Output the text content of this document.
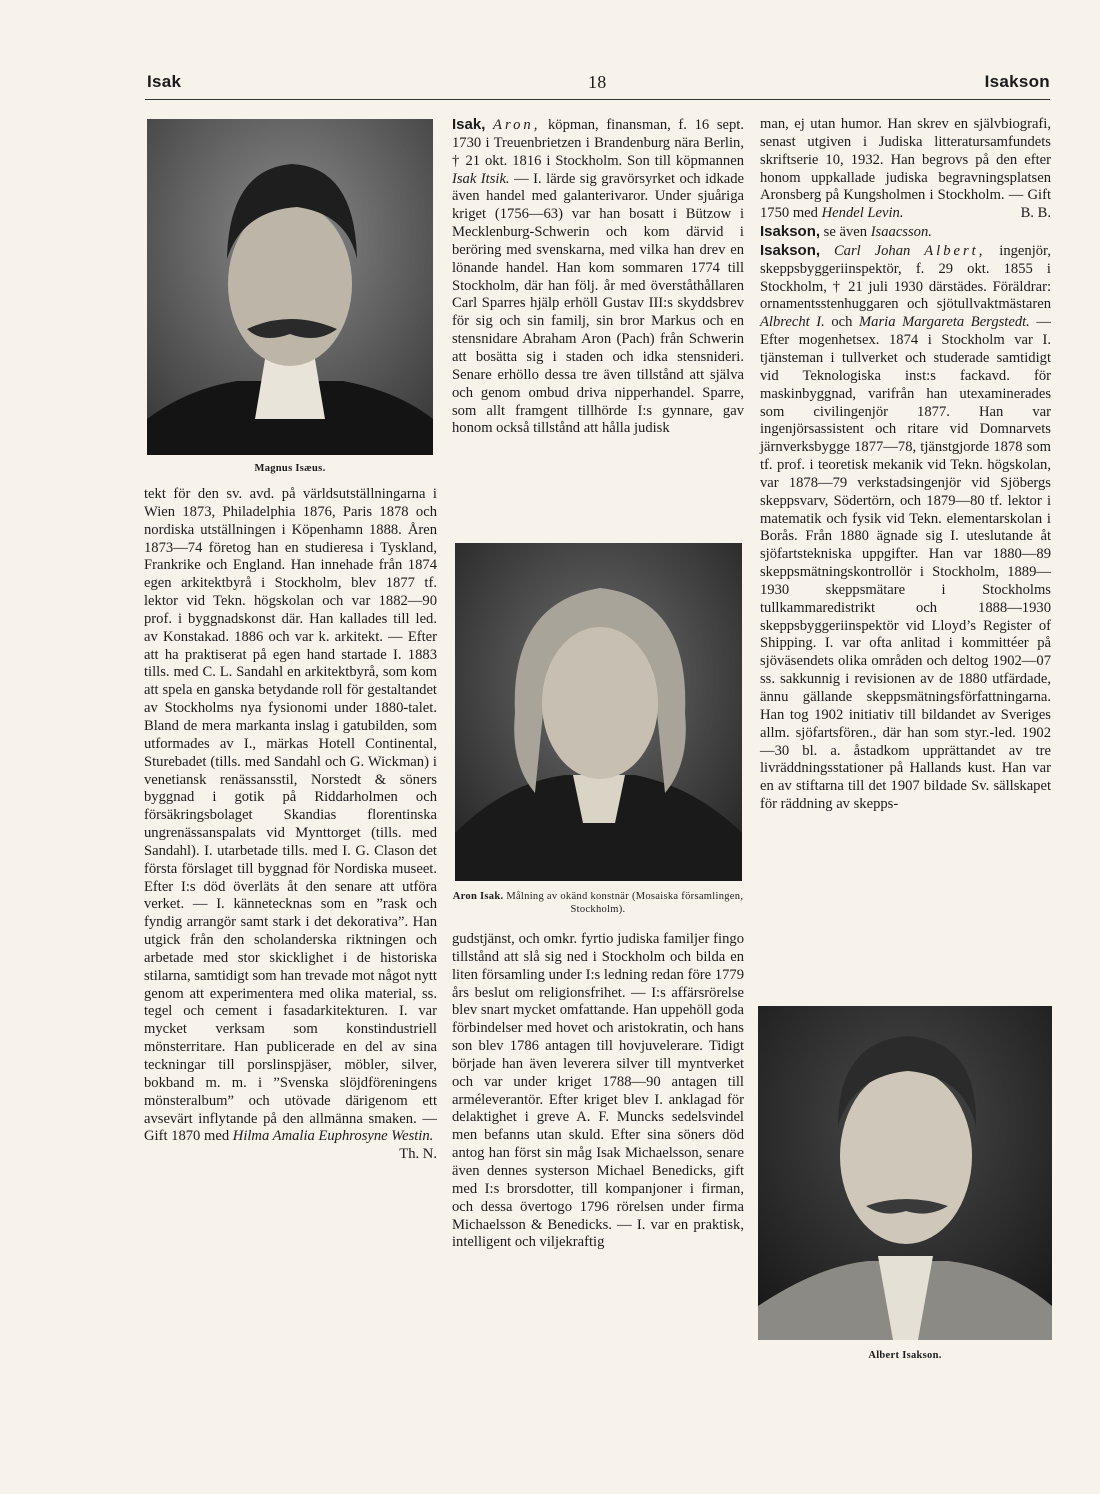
Isak	18	Isakson
Magnus Isæus.

tekt för den sv. avd. på världsutställningarna i Wien 1873, Philadelphia 1876, Paris 1878 och nordiska utställningen i Köpenhamn 1888. Åren 1873—74 företog han en studieresa i Tyskland, Frankrike och England. Han innehade från 1874 egen arkitektbyrå i Stockholm, blev 1877 tf. lektor vid Tekn. högskolan och var 1882—90 prof. i byggnadskonst där. Han kallades till led. av Konstakad. 1886 och var k. arkitekt. — Efter att ha praktiserat på egen hand startade I. 1883 tills. med C. L. Sandahl en arkitektbyrå, som kom att spela en ganska betydande roll för gestaltandet av Stockholms nya fysionomi under 1880-talet. Bland de mera markanta inslag i gatubilden, som utformades av I., märkas Hotell Continental, Sturebadet (tills. med Sandahl och G. Wickman) i venetiansk renässansstil, Norstedt & söners byggnad i gotik på Riddarholmen och försäkringsbolaget Skandias florentinska ungrenässanspalats vid Mynttorget (tills. med Sandahl). I. utarbetade tills. med I. G. Clason det första förslaget till byggnad för Nordiska museet. Efter I:s död överläts åt den senare att utföra verket. — I. kännetecknas som en ”rask och fyndig arrangör samt stark i det dekorativa”. Han utgick från den scholanderska riktningen och arbetade med stor skicklighet i de historiska stilarna, samtidigt som han trevade mot något nytt genom att experimentera med olika material, ss. tegel och cement i fasadarkitekturen. I. var mycket verksam som konstindustriell mönsterritare. Han publicerade en del av sina teckningar till porslinspjäser, möbler, silver, bokband m. m. i ”Svenska slöjdföreningens mönsteralbum” och utövade därigenom ett avsevärt inflytande på den allmänna smaken. — Gift 1870 med Hilma Amalia Euphrosyne Westin.
Th. N.

Isak, Aron, köpman, finansman, f. 16 sept. 1730 i Treuenbrietzen i Brandenburg nära Berlin, † 21 okt. 1816 i Stockholm. Son till köpmannen Isak Itsik. — I. lärde sig gravörsyrket och idkade även handel med galanterivaror. Under sjuåriga kriget (1756—63) var han bosatt i Bützow i Mecklenburg-Schwerin och kom därvid i beröring med svenskarna, med vilka han drev en lönande handel. Han kom sommaren 1774 till Stockholm, där han följ. år med överståthållaren Carl Sparres hjälp erhöll Gustav III:s skyddsbrev för sig och sin familj, sin bror Markus och en stensnidare Abraham Aron (Pach) från Schwerin att bosätta sig i staden och idka stensnideri. Senare erhöllo dessa tre även tillstånd att själva och genom ombud driva nipperhandel. Sparre, som allt framgent tillhörde I:s gynnare, gav honom också tillstånd att hålla judisk

Aron Isak. Målning av okänd konstnär (Mosaiska församlingen, Stockholm).

gudstjänst, och omkr. fyrtio judiska familjer fingo tillstånd att slå sig ned i Stockholm och bilda en liten församling under I:s ledning redan före 1779 års beslut om religionsfrihet. — I:s affärsrörelse blev snart mycket omfattande. Han uppehöll goda förbindelser med hovet och aristokratin, och hans son blev 1786 antagen till hovjuvelerare. Tidigt började han även leverera silver till myntverket och var under kriget 1788—90 antagen till arméleverantör. Efter kriget blev I. anklagad för delaktighet i greve A. F. Muncks sedelsvindel men befanns utan skuld. Efter sina söners död antog han först sin måg Isak Michaelsson, senare även dennes systerson Michael Benedicks, gift med I:s brorsdotter, till kompanjoner i firman, och dessa övertogo 1796 rörelsen under firma Michaelsson & Benedicks. — I. var en praktisk, intelligent och viljekraftig

man, ej utan humor. Han skrev en självbiografi, senast utgiven i Judiska litteratursamfundets skriftserie 10, 1932. Han begrovs på den efter honom uppkallade judiska begravningsplatsen Aronsberg på Kungsholmen i Stockholm. — Gift 1750 med Hendel Levin.	B. B.

Isakson, se även Isaacsson.

Isakson, Carl Johan Albert, ingenjör, skeppsbyggeriinspektör, f. 29 okt. 1855 i Stockholm, † 21 juli 1930 därstädes. Föräldrar: ornamentsstenhuggaren och sjötullvaktmästaren Albrecht I. och Maria Margareta Bergstedt. — Efter mogenhetsex. 1874 i Stockholm var I. tjänsteman i tullverket och studerade samtidigt vid Teknologiska inst:s fackavd. för maskinbyggnad, varifrån han utexaminerades som civilingenjör 1877. Han var ingenjörsassistent och ritare vid Domnarvets järnverksbygge 1877—78, tjänstgjorde 1878 som tf. prof. i teoretisk mekanik vid Tekn. högskolan, var 1878—79 verkstadsingenjör vid Sjöbergs skeppsvarv, Södertörn, och 1879—80 tf. lektor i matematik och fysik vid Tekn. elementarskolan i Borås. Från 1880 ägnade sig I. uteslutande åt sjöfartstekniska uppgifter. Han var 1880—89 skeppsmätningskontrollör i Stockholm, 1889—1930 skeppsmätare i Stockholms tullkammaredistrikt och 1888—1930 skeppsbyggeriinspektör vid Lloyd’s Register of Shipping. I. var ofta anlitad i kommittéer på sjöväsendets olika områden och deltog 1902—07 ss. sakkunnig i revisionen av de 1880 utfärdade, ännu gällande skeppsmätningsförfattningarna. Han tog 1902 initiativ till bildandet av Sveriges allm. sjöfartsfören., där han som styr.-led. 1902—30 bl. a. åstadkom upprättandet av tre livräddningsstationer på Hallands kust. Han var en av stiftarna till det 1907 bildade Sv. sällskapet för räddning av skepps-

Albert Isakson.
